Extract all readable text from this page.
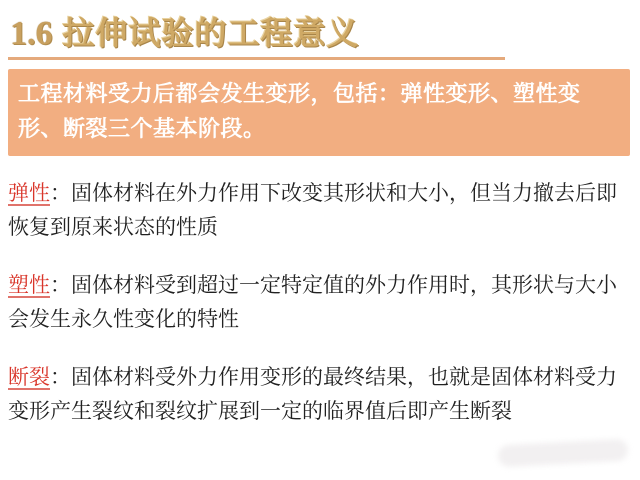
1.6 拉伸试验的工程意义
工程材料受力后都会发生变形，包括：弹性变形、塑性变形、断裂三个基本阶段。

弹性：固体材料在外力作用下改变其形状和大小，但当力撤去后即恢复到原来状态的性质

塑性：固体材料受到超过一定特定值的外力作用时，其形状与大小会发生永久性变化的特性

断裂：固体材料受外力作用变形的最终结果，也就是固体材料受力变形产生裂纹和裂纹扩展到一定的临界值后即产生断裂
